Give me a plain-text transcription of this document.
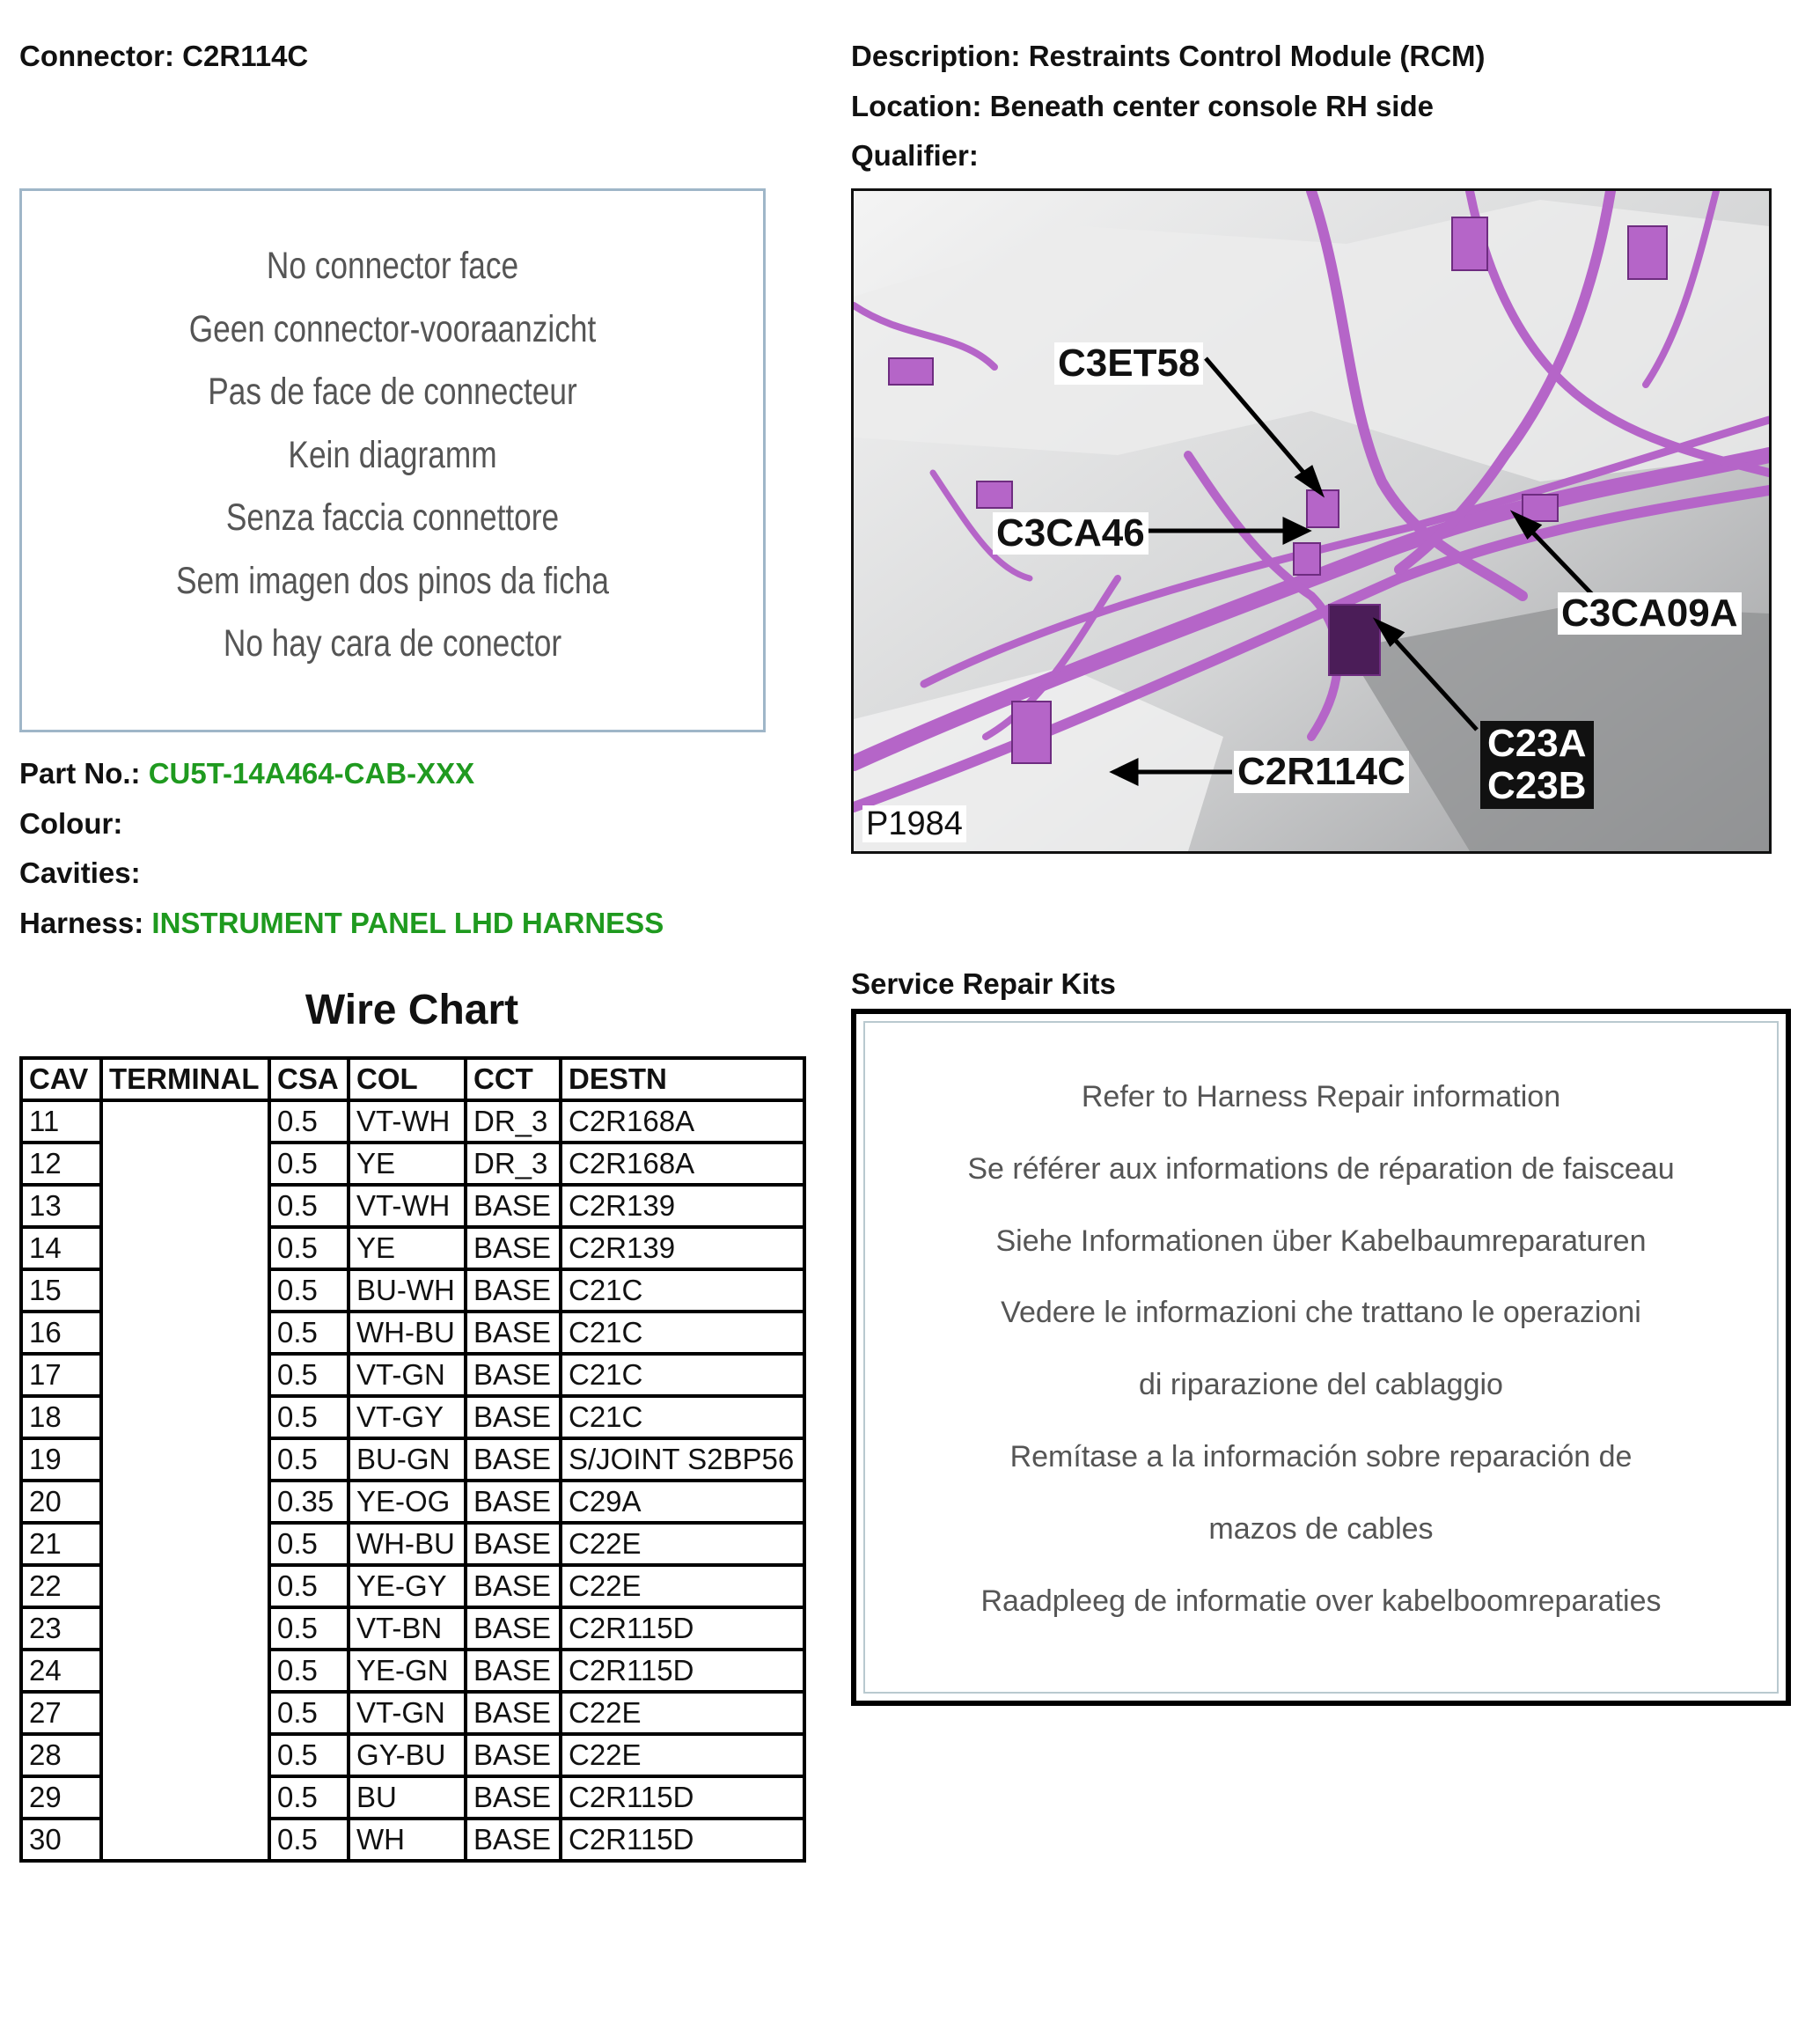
Connector: C2R114C	Description: Restraints Control Module (RCM)
Location: Beneath center console RH side
Qualifier:
No connector face
Geen connector-vooraanzicht
Pas de face de connecteur
Kein diagramm
Senza faccia connettore
Sem imagen dos pinos da ficha
No hay cara de conector
C3ET58
C3CA46
C3CA09A
C2R114C
C23A
C23B
P1984
Part No.: CU5T-14A464-CAB-XXX
Colour:
Cavities:
Harness: INSTRUMENT PANEL LHD HARNESS
Wire Chart
CAV	TERMINAL	CSA	COL	CCT	DESTN
11		0.5	VT-WH	DR_3	C2R168A
12		0.5	YE	DR_3	C2R168A
13		0.5	VT-WH	BASE	C2R139
14		0.5	YE	BASE	C2R139
15		0.5	BU-WH	BASE	C21C
16		0.5	WH-BU	BASE	C21C
17		0.5	VT-GN	BASE	C21C
18		0.5	VT-GY	BASE	C21C
19		0.5	BU-GN	BASE	S/JOINT S2BP56
20		0.35	YE-OG	BASE	C29A
21		0.5	WH-BU	BASE	C22E
22		0.5	YE-GY	BASE	C22E
23		0.5	VT-BN	BASE	C2R115D
24		0.5	YE-GN	BASE	C2R115D
27		0.5	VT-GN	BASE	C22E
28		0.5	GY-BU	BASE	C22E
29		0.5	BU	BASE	C2R115D
30		0.5	WH	BASE	C2R115D
Service Repair Kits
Refer to Harness Repair information
Se référer aux informations de réparation de faisceau
Siehe Informationen über Kabelbaumreparaturen
Vedere le informazioni che trattano le operazioni
di riparazione del cablaggio
Remítase a la información sobre reparación de
mazos de cables
Raadpleeg de informatie over kabelboomreparaties
